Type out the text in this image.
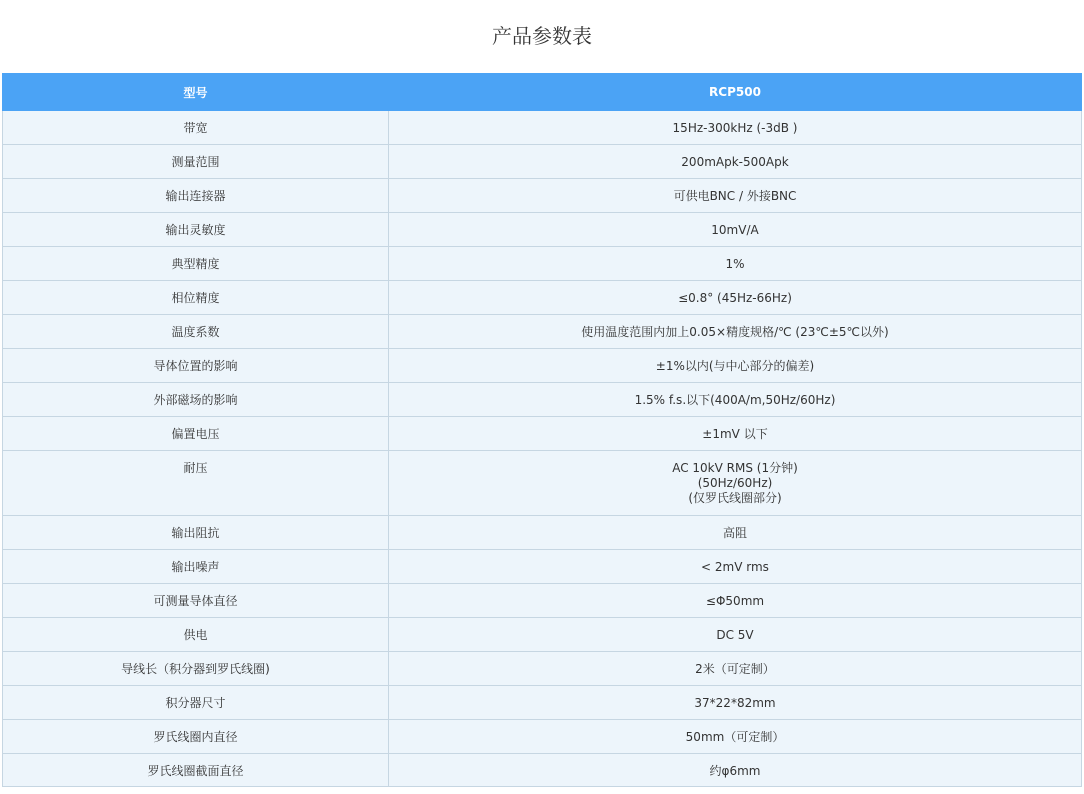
产品参数表
型号	RCP500
带宽	15Hz-300kHz (-3dB )

测量范围	200mApk-500Apk

输出连接器	可供电BNC / 外接BNC

输出灵敏度	10mV/A

典型精度	1%

相位精度	≤0.8° (45Hz-66Hz)

温度系数	使用温度范围内加上0.05×精度规格/℃ (23℃±5℃以外)

导体位置的影响	±1%以内(与中心部分的偏差)

外部磁场的影响	1.5% f.s.以下(400A/m,50Hz/60Hz)

偏置电压	±1mV 以下

耐压	AC 10kV RMS (1分钟)
(50Hz/60Hz)
(仅罗氏线圈部分)

输出阻抗	高阻

输出噪声	< 2mV rms

可测量导体直径	≤Φ50mm

供电	DC 5V

导线长（积分器到罗氏线圈)	2米（可定制）

积分器尺寸	37*22*82mm

罗氏线圈内直径	50mm（可定制）

罗氏线圈截面直径	约φ6mm
